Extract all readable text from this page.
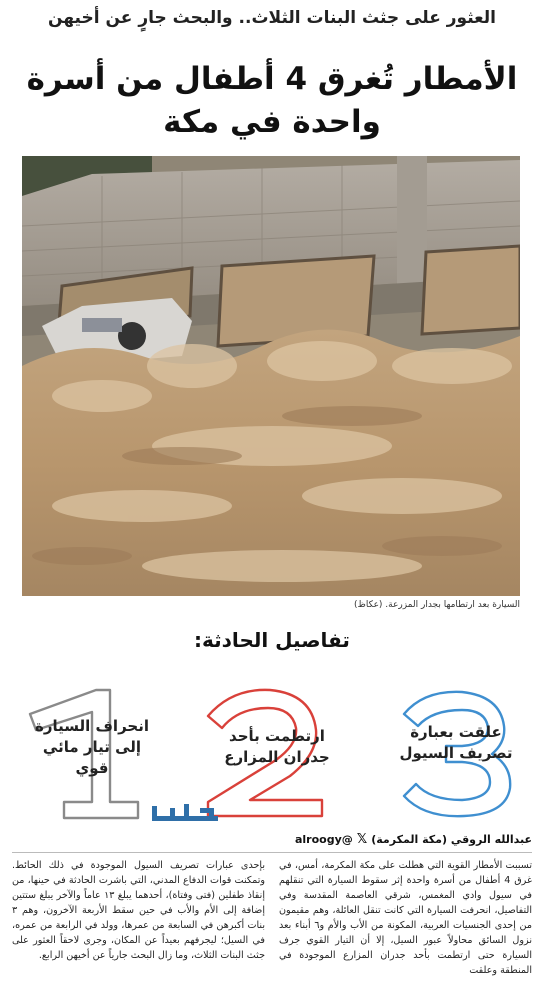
العثور على جثث البنات الثلاث.. والبحث جارٍ عن أخيهن
الأمطار تُغرق 4 أطفال من أسرة
واحدة في مكة
السيارة بعد ارتطامها بجدار المزرعة. (عكاظ)
تفاصيل الحادثة:
علقت بعبارة تصريف السيول
ارتطمت بأحد جدران المزارع
انحراف السيارة إلى تيار مائي قوي
عبدالله الروقي (مكة المكرمة)
𝕏
@alroogy
تسببت الأمطار القوية التي هطلت على مكة المكرمة، أمس، في غرق 4 أطفال من أسرة واحدة إثر سقوط السيارة التي تنقلهم في سيول وادي المغمس، شرقي العاصمة المقدسة وفي التفاصيل، انحرفت السيارة التي كانت تنقل العائلة، وهم مقيمون من إحدى الجنسيات العربية، المكونة من الأب والأم و٦ أبناء بعد نزول السائق محاولاً عبور السيل، إلا أن التيار القوي جرف السيارة حتى ارتطمت بأحد جدران المزارع الموجودة في المنطقة وعلقت
بإحدى عبارات تصريف السيول الموجودة في ذلك الحائط. وتمكنت قوات الدفاع المدني، التي باشرت الحادثة في حينها، من إنقاذ طفلين (فتى وفتاة)، أحدهما يبلغ ١٣ عاماً والآخر يبلغ ستتين إضافة إلى الأم والأب في حين سقط الأربعة الآخرون، وهم ٣ بنات أكبرهن في السابعة من عمرها، وولد في الرابعة من عمره، في السيل؛ ليجرفهم بعيداً عن المكان، وجرى لاحقاً العثور على جثث البنات الثلاث، وما زال البحث جارياً عن أخيهن الرابع.
